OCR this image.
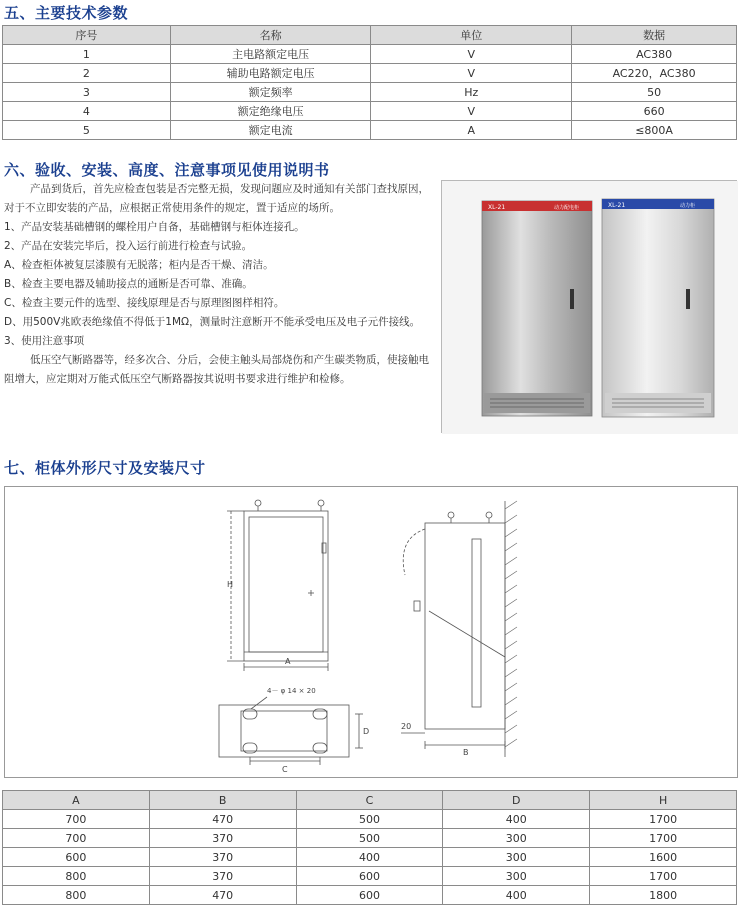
五、主要技术参数
序号	名称	单位	数据
1	主电路额定电压	V	AC380
2	辅助电路额定电压	V	AC220，AC380
3	额定频率	Hz	50
4	额定绝缘电压	V	660
5	额定电流	A	≤800A
六、验收、安装、高度、注意事项见使用说明书

产品到货后，首先应检查包装是否完整无损，发现问题应及时通知有关部门查找原因，对于不立即安装的产品，应根据正常使用条件的规定，置于适应的场所。

1、产品安装基础槽钢的螺栓用户自备，基础槽钢与柜体连接孔。

2、产品在安装完毕后，投入运行前进行检查与试验。

A、检查柜体被复层漆膜有无脱落；柜内是否干燥、清洁。

B、检查主要电器及辅助接点的通断是否可靠、准确。

C、检查主要元件的选型、接线原理是否与原理图图样相符。

D、用500V兆欧表绝缘值不得低于1MΩ，测量时注意断开不能承受电压及电子元件接线。

3、使用注意事项

低压空气断路器等，经多次合、分后，会使主触头局部烧伤和产生碳类物质，使接触电阻增大，应定期对万能式低压空气断路器按其说明书要求进行维护和检修。

XL-21	动力配电柜	XL-21	动力柜
七、柜体外形尺寸及安装尺寸
H
A
4－ φ 14 × 20
C
D
20
B
A	B	C	D	H
700	470	500	400	1700
700	370	500	300	1700
600	370	400	300	1600
800	370	600	300	1700
800	470	600	400	1800
